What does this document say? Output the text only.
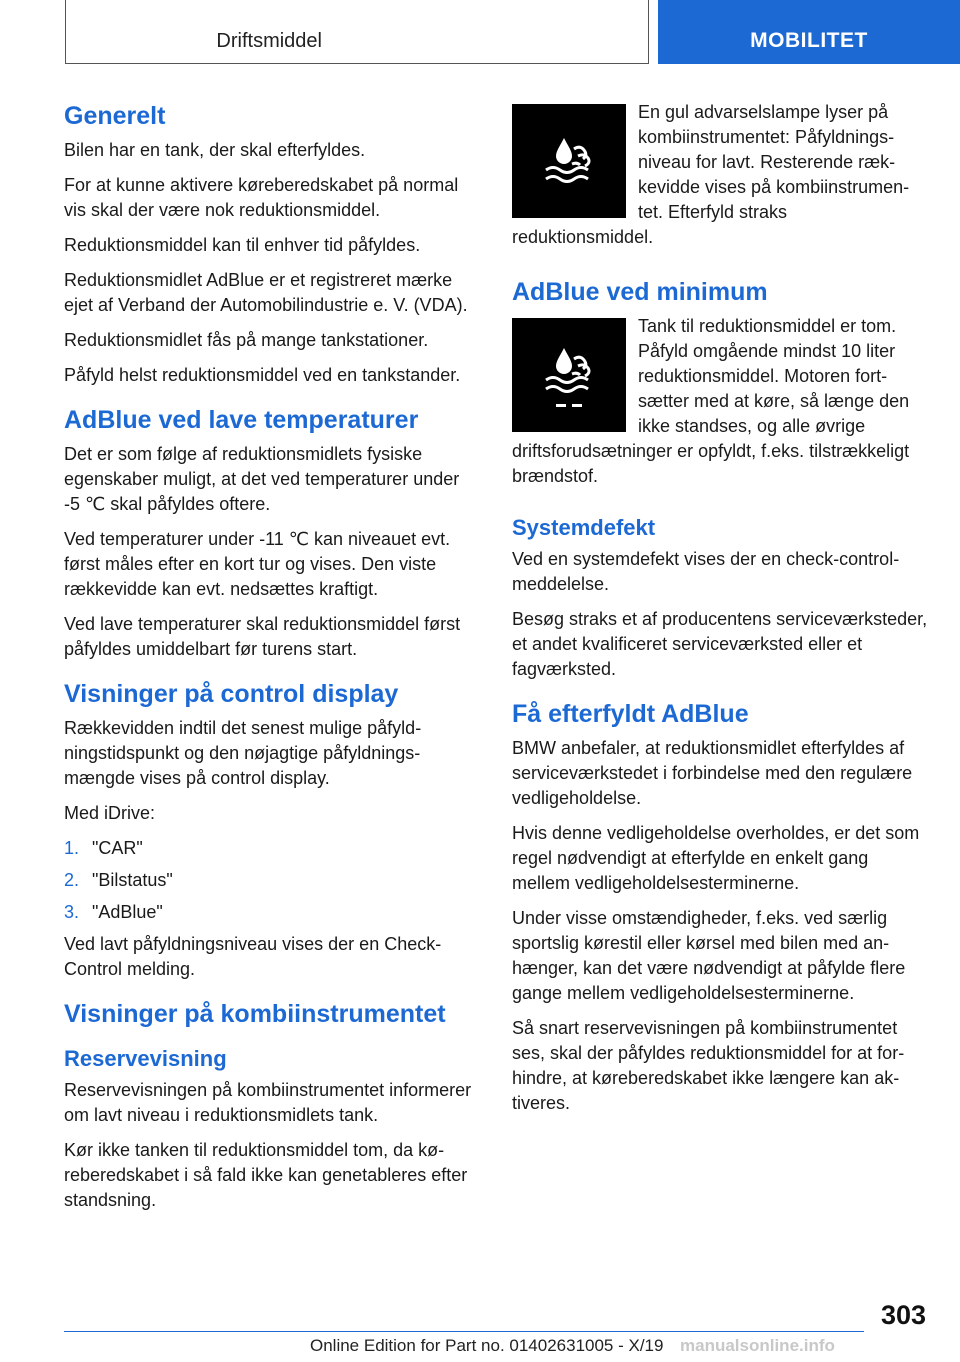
Driftsmiddel	MOBILITET
Generelt

Bilen har en tank, der skal efterfyldes.

For at kunne aktivere køreberedskabet på normal vis skal der være nok reduktionsmiddel.

Reduktionsmiddel kan til enhver tid påfyldes.

Reduktionsmidlet AdBlue er et registreret mærke ejet af Verband der Automobilindustrie e. V. (VDA).

Reduktionsmidlet fås på mange tankstationer.

Påfyld helst reduktionsmiddel ved en tankstander.

AdBlue ved lave temperaturer

Det er som følge af reduktionsmidlets fysiske egenskaber muligt, at det ved temperaturer under -5 ℃ skal påfyldes oftere.

Ved temperaturer under -11 ℃ kan niveauet evt. først måles efter en kort tur og vises. Den viste rækkevidde kan evt. nedsættes kraftigt.

Ved lave temperaturer skal reduktionsmiddel først påfyldes umiddelbart før turens start.

Visninger på control display

Rækkevidden indtil det senest mulige påfyldningstidspunkt og den nøjagtige påfyldningsmængde vises på control display.

Med iDrive:

1. "CAR"
2. "Bilstatus"
3. "AdBlue"

Ved lavt påfyldningsniveau vises der en Check-Control melding.

Visninger på kombiinstrumentet
Reservevisning

Reservevisningen på kombiinstrumentet informerer om lavt niveau i reduktionsmidlets tank.

Kør ikke tanken til reduktionsmiddel tom, da køreberedskabet i så fald ikke kan genetableres efter standsning.

En gul advarselslampe lyser på kombiinstrumentet: Påfyldningsniveau for lavt. Resterende rækkevidde vises på kombiinstrumentet. Efterfyld straks reduktionsmiddel.

AdBlue ved minimum

Tank til reduktionsmiddel er tom. Påfyld omgående mindst 10 liter reduktionsmiddel. Motoren fortsætter med at køre, så længe den ikke standses, og alle øvrige driftsforudsætninger er opfyldt, f.eks. tilstrækkeligt brændstof.

Systemdefekt

Ved en systemdefekt vises der en check-control-meddelelse.

Besøg straks et af producentens serviceværksteder, et andet kvalificeret serviceværksted eller et fagværksted.

Få efterfyldt AdBlue

BMW anbefaler, at reduktionsmidlet efterfyldes af serviceværkstedet i forbindelse med den regulære vedligeholdelse.

Hvis denne vedligeholdelse overholdes, er det som regel nødvendigt at efterfylde en enkelt gang mellem vedligeholdelsesterminerne.

Under visse omstændigheder, f.eks. ved særlig sportslig kørestil eller kørsel med bilen med anhænger, kan det være nødvendigt at påfylde flere gange mellem vedligeholdelsesterminerne.

Så snart reservevisningen på kombiinstrumentet ses, skal der påfyldes reduktionsmiddel for at forhindre, at køreberedskabet ikke længere kan aktiveres.

303
Online Edition for Part no. 01402631005 - X/19 manualsonline.info
